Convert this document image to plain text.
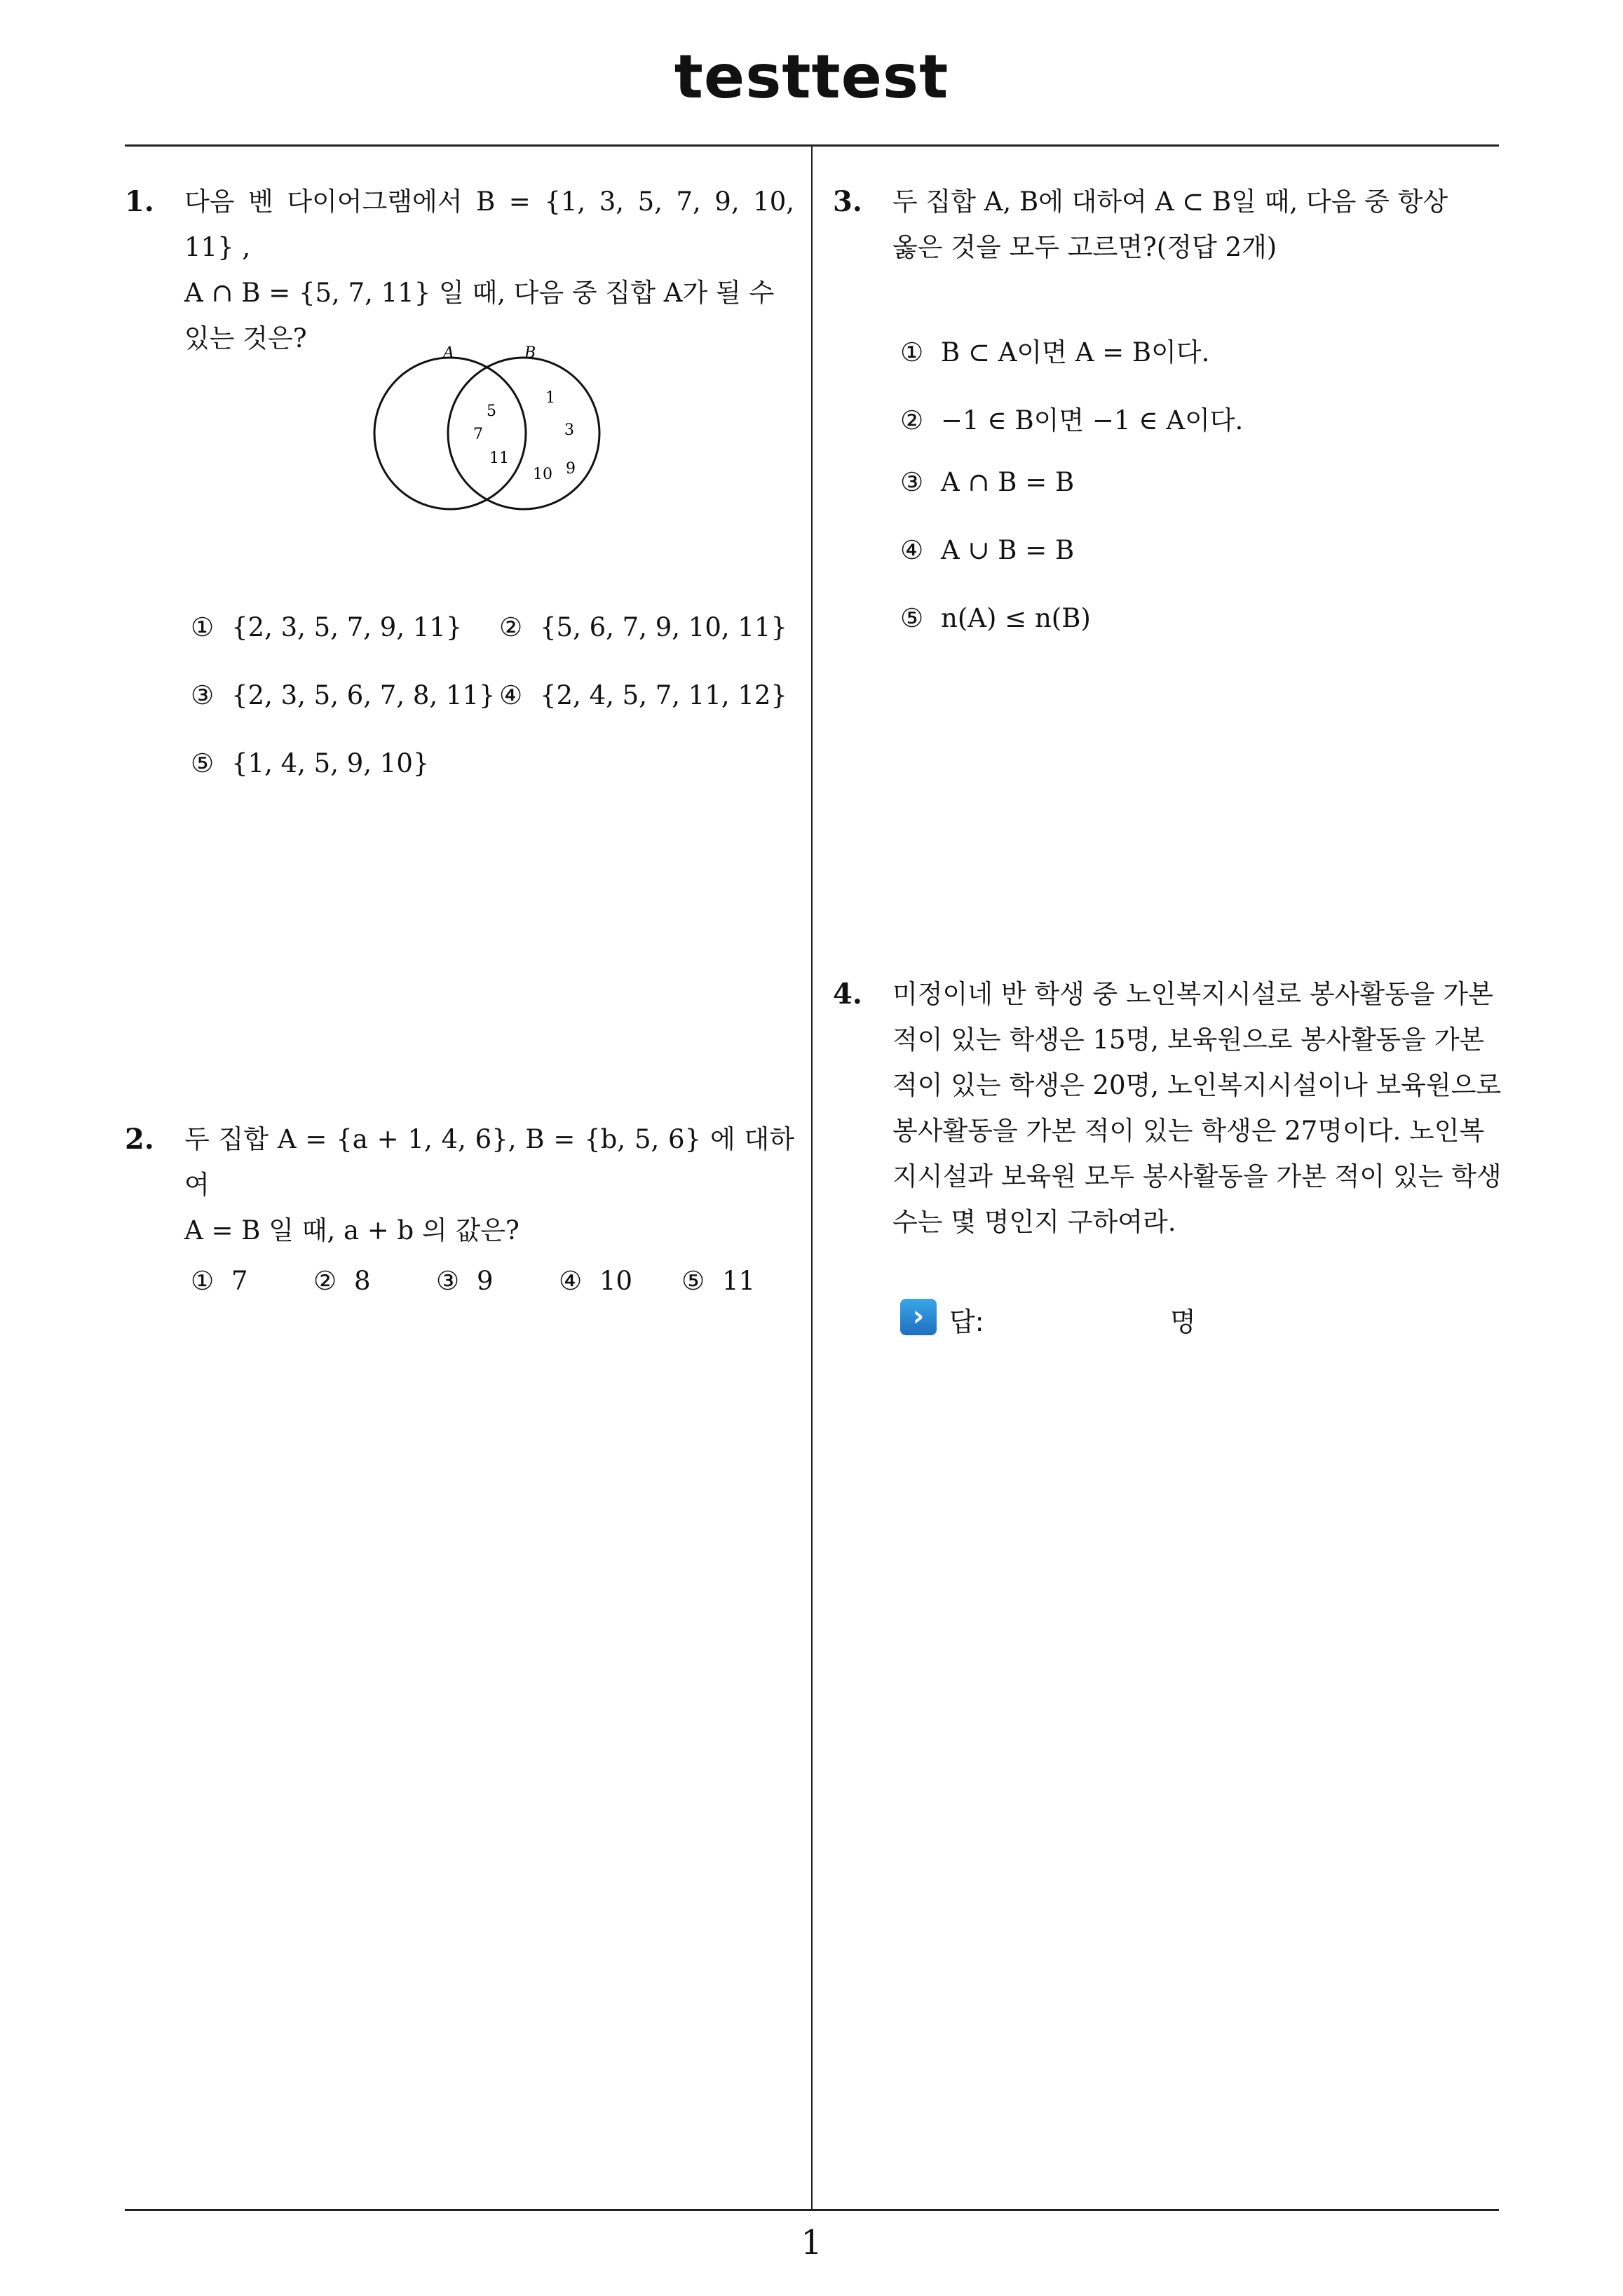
testtest
1. 다음 벤 다이어그램에서 B = {1, 3, 5, 7, 9, 10, 11} ,
A ∩ B = {5, 7, 11} 일 때, 다음 중 집합 A가 될 수
있는 것은?	A	B
5
7
11
1
3
10 9
① {2, 3, 5, 7, 9, 11} ② {5, 6, 7, 9, 10, 11}
③ {2, 3, 5, 6, 7, 8, 11} ④ {2, 4, 5, 7, 11, 12}
⑤ {1, 4, 5, 9, 10}
2. 두 집합 A = {a + 1, 4, 6}, B = {b, 5, 6} 에 대하여
A = B 일 때, a + b 의 값은?
① 7	② 8	③ 9	④ 10 ⑤ 11
3. 두 집합 A, B에 대하여 A ⊂ B일 때, 다음 중 항상
옳은 것을 모두 고르면?(정답 2개)
① B ⊂ A이면 A = B이다.
② −1 ∈ B이면 −1 ∈ A이다.
③ A ∩ B = B
④ A ∪ B = B
⑤ n(A) ≤ n(B)
4. 미정이네 반 학생 중 노인복지시설로 봉사활동을 가본
적이 있는 학생은 15명, 보육원으로 봉사활동을 가본
적이 있는 학생은 20명, 노인복지시설이나 보육원으로
봉사활동을 가본 적이 있는 학생은 27명이다. 노인복
지시설과 보육원 모두 봉사활동을 가본 적이 있는 학생
수는 몇 명인지 구하여라.
› 답:	명
1
